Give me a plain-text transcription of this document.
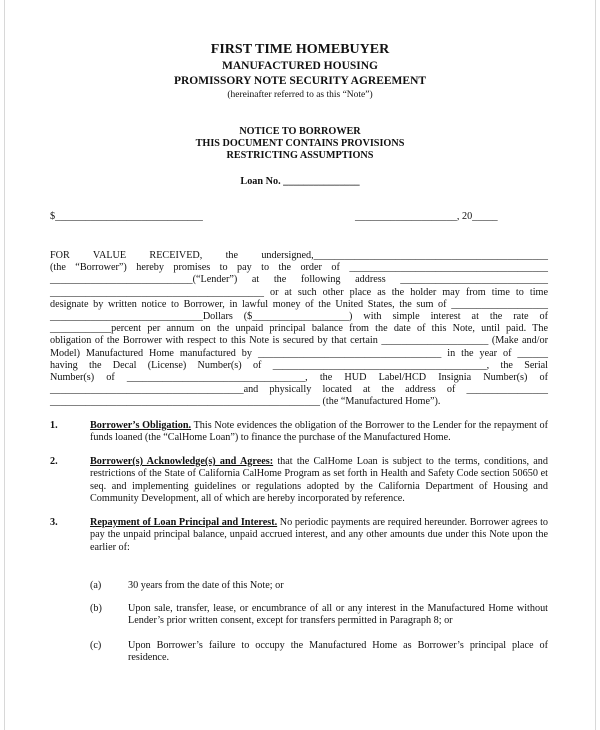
FIRST TIME HOMEBUYER
MANUFACTURED HOUSING
PROMISSORY NOTE SECURITY AGREEMENT
(hereinafter referred to as this “Note”)
NOTICE TO BORROWER
THIS DOCUMENT CONTAINS PROVISIONS
RESTRICTING ASSUMPTIONS
Loan No. _______________
$_____________________________	____________________, 20_____
FOR VALUE RECEIVED, the undersigned,______________________________________________
(the “Borrower”) hereby promises to pay to the order of _______________________________________
____________________________(“Lender”) at the following address _____________________________
__________________________________________ or at such other place as the holder may from time to time
designate by written notice to Borrower, in lawful money of the United States, the sum of ___________________
______________________________Dollars ($___________________) with simple interest at the rate of
____________percent per annum on the unpaid principal balance from the date of this Note, until paid. The
obligation of the Borrower with respect to this Note is secured by that certain _____________________ (Make and/or
Model) Manufactured Home manufactured by ____________________________________ in the year of ______
having the Decal (License) Number(s) of __________________________________________, the Serial
Number(s) of ___________________________________, the HUD Label/HCD Insignia Number(s) of
______________________________________and physically located at the address of ________________
_____________________________________________________ (the “Manufactured Home”).
1.	Borrower’s Obligation. This Note evidences the obligation of the Borrower to the Lender for the repayment of funds loaned (the “CalHome Loan”) to finance the purchase of the Manufactured Home.
2.	Borrower(s) Acknowledge(s) and Agrees: that the CalHome Loan is subject to the terms, conditions, and restrictions of the State of California CalHome Program as set forth in Health and Safety Code section 50650 et seq. and implementing guidelines or regulations adopted by the California Department of Housing and Community Development, all of which are hereby incorporated by reference.
3.	Repayment of Loan Principal and Interest. No periodic payments are required hereunder. Borrower agrees to pay the unpaid principal balance, unpaid accrued interest, and any other amounts due under this Note upon the earlier of:
(a)	30 years from the date of this Note; or
(b)	Upon sale, transfer, lease, or encumbrance of all or any interest in the Manufactured Home without Lender’s prior written consent, except for transfers permitted in Paragraph 8; or
(c)	Upon Borrower’s failure to occupy the Manufactured Home as Borrower’s principal place of residence.
